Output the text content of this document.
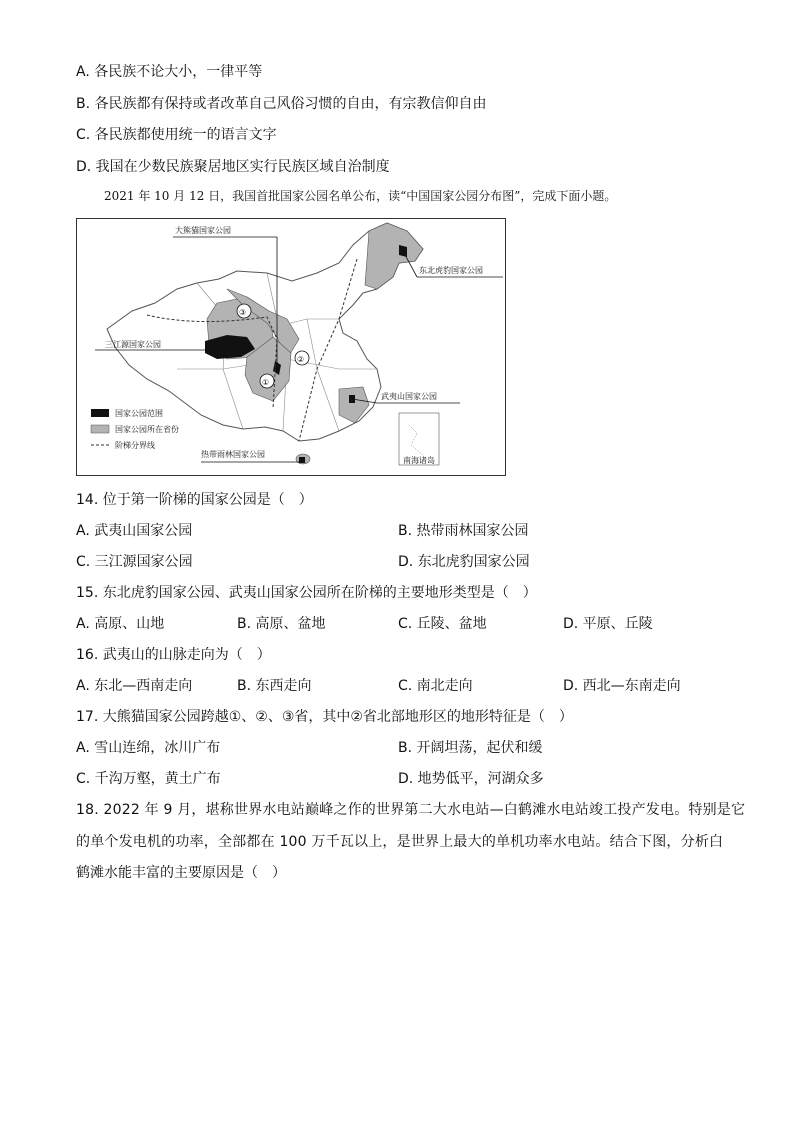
A. 各民族不论大小，一律平等
B. 各民族都有保持或者改革自己风俗习惯的自由，有宗教信仰自由
C. 各民族都使用统一的语言文字
D. 我国在少数民族聚居地区实行民族区域自治制度
2021 年 10 月 12 日，我国首批国家公园名单公布，读“中国国家公园分布图”，完成下面小题。
大熊猫国家公园
东北虎豹国家公园
三江源国家公园
武夷山国家公园
热带雨林国家公园
③
②
①
国家公园范围
国家公园所在省份
阶梯分界线
南海诸岛
14. 位于第一阶梯的国家公园是（　）
A. 武夷山国家公园	B. 热带雨林国家公园
C. 三江源国家公园	D. 东北虎豹国家公园
15. 东北虎豹国家公园、武夷山国家公园所在阶梯的主要地形类型是（　）
A. 高原、山地	B. 高原、盆地	C. 丘陵、盆地	D. 平原、丘陵
16. 武夷山的山脉走向为（　）
A. 东北—西南走向	B. 东西走向	C. 南北走向	D. 西北—东南走向
17. 大熊猫国家公园跨越①、②、③省，其中②省北部地形区的地形特征是（　）
A. 雪山连绵，冰川广布	B. 开阔坦荡，起伏和缓
C. 千沟万壑，黄土广布	D. 地势低平，河湖众多
18. 2022 年 9 月，堪称世界水电站巅峰之作的世界第二大水电站—白鹤滩水电站竣工投产发电。特别是它
的单个发电机的功率，全部都在 100 万千瓦以上，是世界上最大的单机功率水电站。结合下图，分析白
鹤滩水能丰富的主要原因是（　）
